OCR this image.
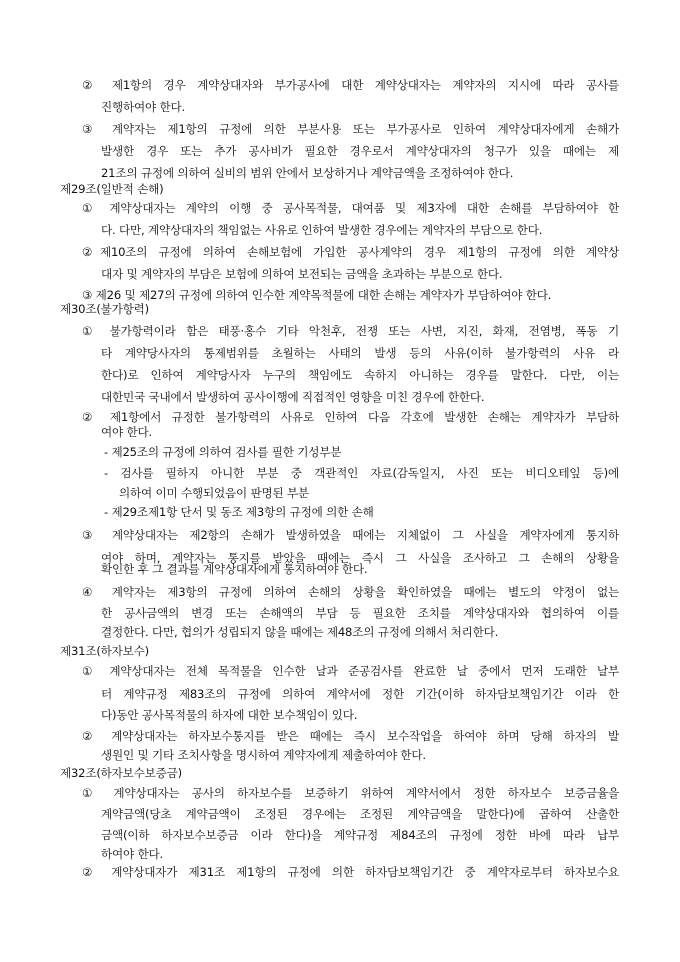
② 제1항의 경우 계약상대자와 부가공사에 대한 계약상대자는 계약자의 지시에 따라 공사를
진행하여야 한다.
③ 계약자는 제1항의 규정에 의한 부분사용 또는 부가공사로 인하여 계약상대자에게 손해가
발생한 경우 또는 추가 공사비가 필요한 경우로서 계약상대자의 청구가 있을 때에는 제
21조의 규정에 의하여 실비의 범위 안에서 보상하거나 계약금액을 조정하여야 한다.
제29조(일반적 손해)
① 계약상대자는 계약의 이행 중 공사목적물, 대여품 및 제3자에 대한 손해를 부담하여야 한
다. 다만, 계약상대자의 책임없는 사유로 인하여 발생한 경우에는 계약자의 부담으로 한다.
②제10조의 규정에 의하여 손해보험에 가입한 공사계약의 경우 제1항의 규정에 의한 계약상
대자 및 계약자의 부담은 보험에 의하여 보전되는 금액을 초과하는 부분으로 한다.
③ 제26 및 제27의 규정에 의하여 인수한 계약목적물에 대한 손해는 계약자가 부담하여야 한다.
제30조(불가항력)
① 불가항력이라 함은 태풍·홍수 기타 악천후, 전쟁 또는 사변, 지진, 화재, 전염병, 폭동 기
타 계약당사자의 통제범위를 초월하는 사태의 발생 등의 사유(이하 불가항력의 사유 라
한다)로 인하여 계약당사자 누구의 책임에도 속하지 아니하는 경우를 말한다. 다만, 이는
대한민국 국내에서 발생하여 공사이행에 직접적인 영향을 미친 경우에 한한다.
② 제1항에서 규정한 불가항력의 사유로 인하여 다음 각호에 발생한 손해는 계약자가 부담하
여야 한다.
- 제25조의 규정에 의하여 검사를 필한 기성부분
- 검사를 필하지 아니한 부분 중 객관적인 자료(감독일지, 사진 또는 비디오테잎 등)에
의하여 이미 수행되었음이 판명된 부분
- 제29조제1항 단서 및 동조 제3항의 규정에 의한 손해
③ 계약상대자는 제2항의 손해가 발생하였을 때에는 지체없이 그 사실을 계약자에게 통지하
여야 하며, 계약자는 통지를 받았을 때에는 즉시 그 사실을 조사하고 그 손해의 상황을
확인한 후 그 결과를 계약상대자에게 통지하여야 한다.
④ 계약자는 제3항의 규정에 의하여 손해의 상황을 확인하였을 때에는 별도의 약정이 없는
한 공사금액의 변경 또는 손해액의 부담 등 필요한 조치를 계약상대자와 협의하여 이를
결정한다. 다만, 협의가 성립되지 않을 때에는 제48조의 규정에 의해서 처리한다.
제31조(하자보수)
① 계약상대자는 전체 목적물을 인수한 날과 준공검사를 완료한 날 중에서 먼저 도래한 날부
터 계약규정 제83조의 규정에 의하여 계약서에 정한 기간(이하 하자담보책임기간 이라 한
다)동안 공사목적물의 하자에 대한 보수책임이 있다.
② 계약상대자는 하자보수통지를 받은 때에는 즉시 보수작업을 하여야 하며 당해 하자의 발
생원인 및 기타 조치사항을 명시하여 계약자에게 제출하여야 한다.
제32조(하자보수보증금)
① 계약상대자는 공사의 하자보수를 보증하기 위하여 계약서에서 정한 하자보수 보증금율을
계약금액(당초 계약금액이 조정된 경우에는 조정된 계약금액을 말한다)에 곱하여 산출한
금액(이하 하자보수보증금 이라 한다)을 계약규정 제84조의 규정에 정한 바에 따라 납부
하여야 한다.
② 계약상대자가 제31조 제1항의 규정에 의한 하자담보책임기간 중 계약자로부터 하자보수요
